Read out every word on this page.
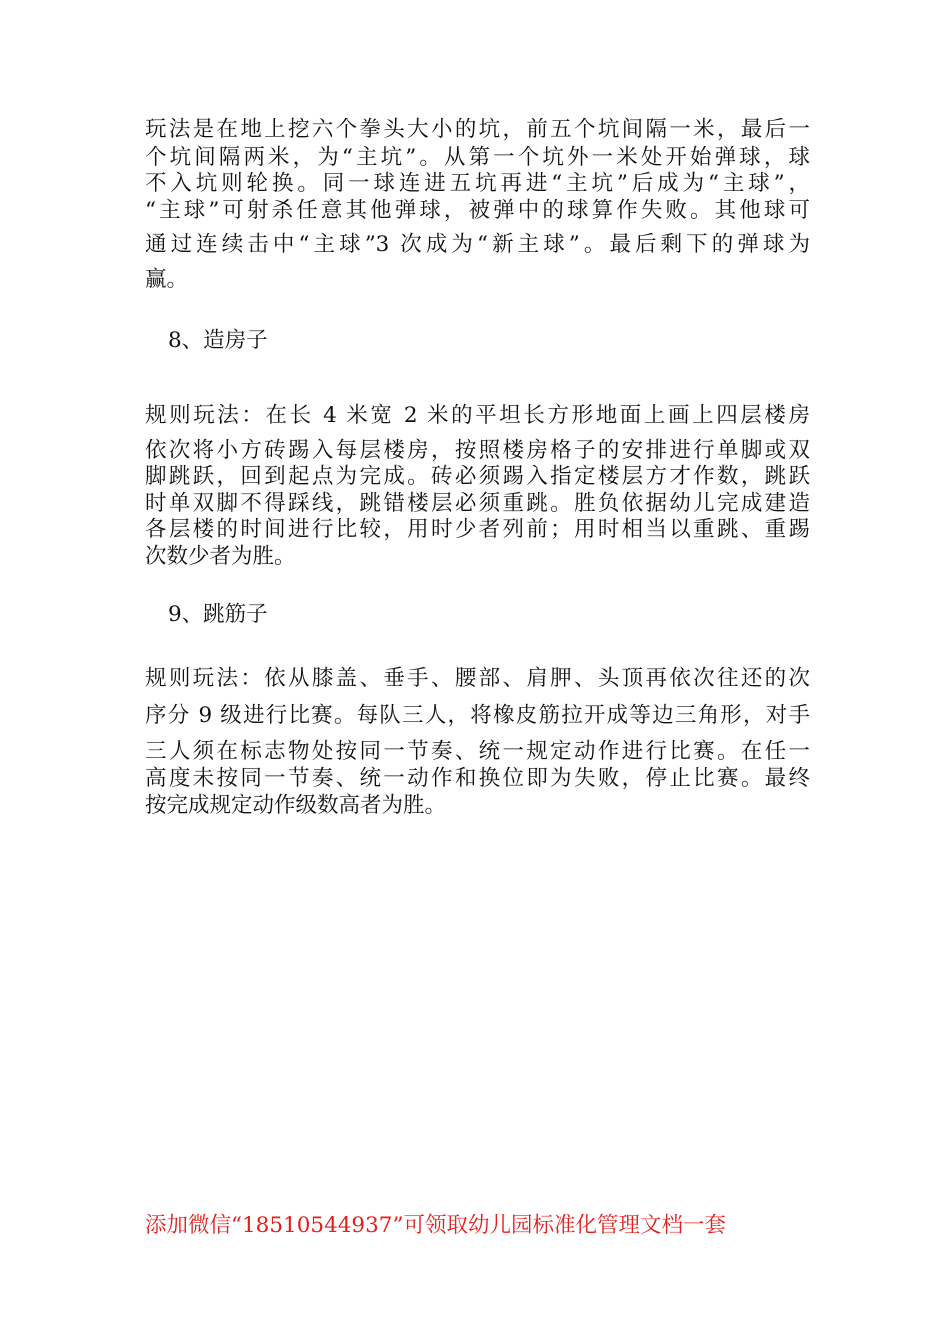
玩法是在地上挖六个拳头大小的坑，前五个坑间隔一米，最后一
个坑间隔两米，为“主坑”。从第一个坑外一米处开始弹球，球
不入坑则轮换。同一球连进五坑再进“主坑”后成为“主球”，
“主球”可射杀任意其他弹球，被弹中的球算作失败。其他球可
通过连续击中“主球”3 次成为“新主球”。最后剩下的弹球为
赢。
8、造房子
规则玩法：在长 4 米宽 2 米的平坦长方形地面上画上四层楼房
依次将小方砖踢入每层楼房，按照楼房格子的安排进行单脚或双
脚跳跃，回到起点为完成。砖必须踢入指定楼层方才作数，跳跃
时单双脚不得踩线，跳错楼层必须重跳。胜负依据幼儿完成建造
各层楼的时间进行比较，用时少者列前；用时相当以重跳、重踢
次数少者为胜。
9、跳筋子
规则玩法：依从膝盖、垂手、腰部、肩胛、头顶再依次往还的次
序分 9 级进行比赛。每队三人，将橡皮筋拉开成等边三角形，对手
三人须在标志物处按同一节奏、统一规定动作进行比赛。在任一
高度未按同一节奏、统一动作和换位即为失败，停止比赛。最终
按完成规定动作级数高者为胜。
添加微信“18510544937”可领取幼儿园标准化管理文档一套
